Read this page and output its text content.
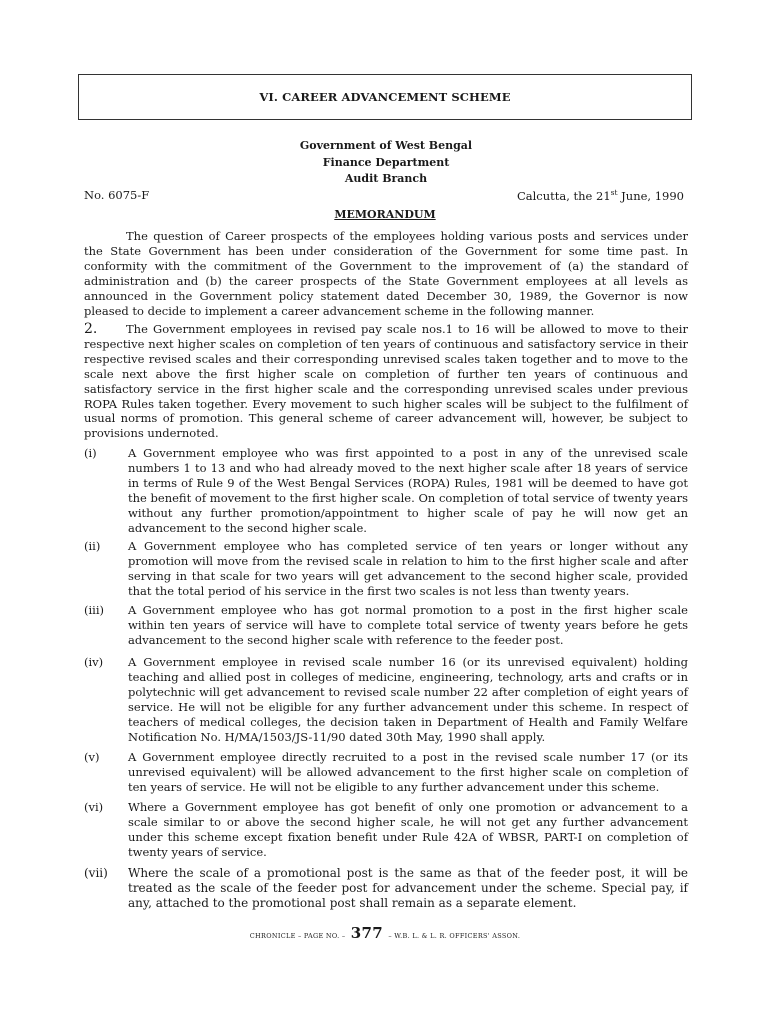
VI. CAREER ADVANCEMENT SCHEME
Government of West Bengal
Finance Department
Audit Branch
No. 6075-F	Calcutta, the 21st June, 1990
MEMORANDUM
The question of Career prospects of the employees holding various posts and services under the State Government has been under consideration of the Government for some time past. In conformity with the commitment of the Government to the improvement of (a) the standard of administration and (b) the career prospects of the State Government employees at all levels as announced in the Government policy statement dated December 30, 1989, the Governor is now pleased to decide to implement a career advancement scheme in the following manner.
2. The Government employees in revised pay scale nos.1 to 16 will be allowed to move to their respective next higher scales on completion of ten years of continuous and satisfactory service in their respective revised scales and their corresponding unrevised scales taken together and to move to the scale next above the first higher scale on completion of further ten years of continuous and satisfactory service in the first higher scale and the corresponding unrevised scales under previous ROPA Rules taken together. Every movement to such higher scales will be subject to the fulfilment of usual norms of promotion. This general scheme of career advancement will, however, be subject to provisions undernoted.
(i)	A Government employee who was first appointed to a post in any of the unrevised scale numbers 1 to 13 and who had already moved to the next higher scale after 18 years of service in terms of Rule 9 of the West Bengal Services (ROPA) Rules, 1981 will be deemed to have got the benefit of movement to the first higher scale. On completion of total service of twenty years without any further promotion/appointment to higher scale of pay he will now get an advancement to the second higher scale.
(ii) A Government employee who has completed service of ten years or longer without any promotion will move from the revised scale in relation to him to the first higher scale and after serving in that scale for two years will get advancement to the second higher scale, provided that the total period of his service in the first two scales is not less than twenty years.
(iii) A Government employee who has got normal promotion to a post in the first higher scale within ten years of service will have to complete total service of twenty years before he gets advancement to the second higher scale with reference to the feeder post.
(iv) A Government employee in revised scale number 16 (or its unrevised equivalent) holding teaching and allied post in colleges of medicine, engineering, technology, arts and crafts or in polytechnic will get advancement to revised scale number 22 after completion of eight years of service. He will not be eligible for any further advancement under this scheme. In respect of teachers of medical colleges, the decision taken in Department of Health and Family Welfare Notification No. H/MA/1503/JS-11/90 dated 30th May, 1990 shall apply.
(v) A Government employee directly recruited to a post in the revised scale number 17 (or its unrevised equivalent) will be allowed advancement to the first higher scale on completion of ten years of service. He will not be eligible to any further advancement under this scheme.
(vi) Where a Government employee has got benefit of only one promotion or advancement to a scale similar to or above the second higher scale, he will not get any further advancement under this scheme except fixation benefit under Rule 42A of WBSR, PART-I on completion of twenty years of service.
(vii) Where the scale of a promotional post is the same as that of the feeder post, it will be treated as the scale of the feeder post for advancement under the scheme. Special pay, if any, attached to the promotional post shall remain as a separate element.
CHRONICLE – PAGE NO. – 377 – W.B. L. & L. R. OFFICERS' ASSON.
